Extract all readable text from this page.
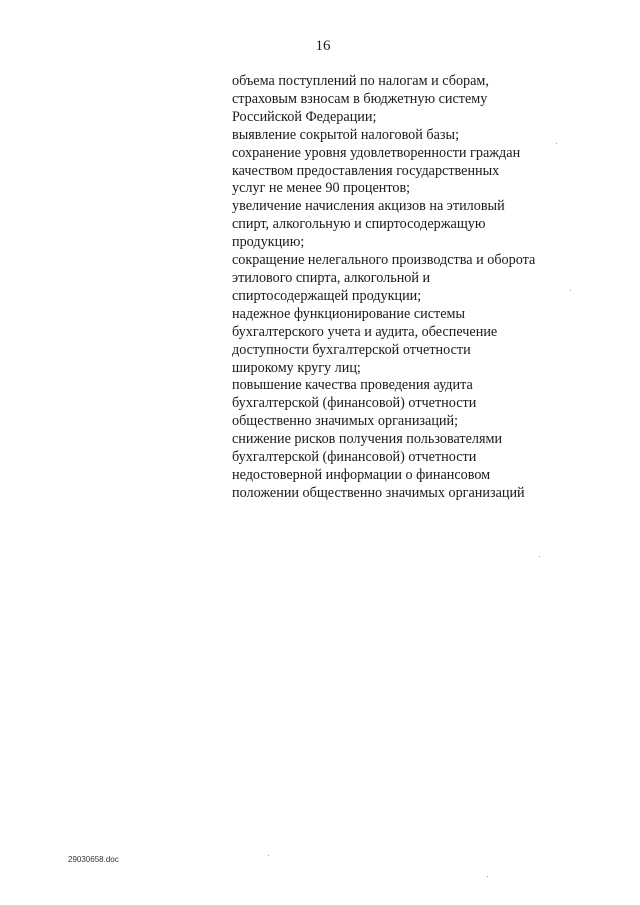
16
объема поступлений по налогам и сборам,
страховым взносам в бюджетную систему
Российской Федерации;
выявление сокрытой налоговой базы;
сохранение уровня удовлетворенности граждан
качеством предоставления государственных
услуг не менее 90 процентов;
увеличение начисления акцизов на этиловый
спирт, алкогольную и спиртосодержащую
продукцию;
сокращение нелегального производства и оборота
этилового спирта, алкогольной и
спиртосодержащей продукции;
надежное функционирование системы
бухгалтерского учета и аудита, обеспечение
доступности бухгалтерской отчетности
широкому кругу лиц;
повышение качества проведения аудита
бухгалтерской (финансовой) отчетности
общественно значимых организаций;
снижение рисков получения пользователями
бухгалтерской (финансовой) отчетности
недостоверной информации о финансовом
положении общественно значимых организаций
29030658.doc
